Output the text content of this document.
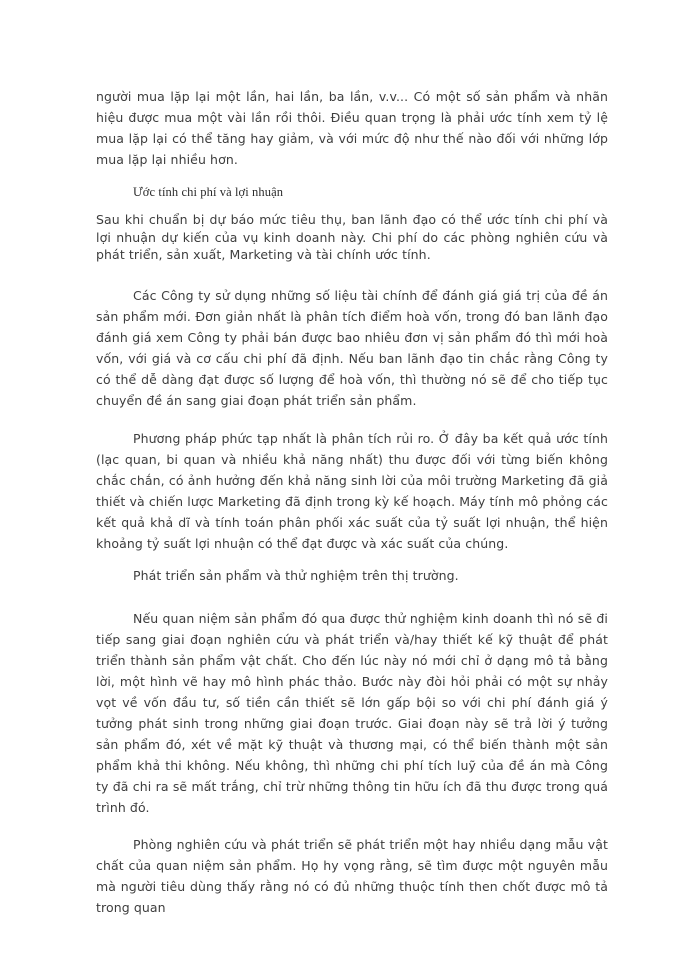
người mua lặp lại một lần, hai lần, ba lần, v.v... Có một số sản phẩm và nhãn hiệu được mua một vài lần rồi thôi. Điều quan trọng là phải ước tính xem tỷ lệ mua lặp lại có thể tăng hay giảm, và với mức độ như thế nào đối với những lớp mua lặp lại nhiều hơn.

Ước tính chi phí và lợi nhuận

Sau khi chuẩn bị dự báo mức tiêu thụ, ban lãnh đạo có thể ước tính chi phí và lợi nhuận dự kiến của vụ kinh doanh này. Chi phí do các phòng nghiên cứu và phát triển, sản xuất, Marketing và tài chính ước tính.

Các Công ty sử dụng những số liệu tài chính để đánh giá giá trị của đề án sản phẩm mới. Đơn giản nhất là phân tích điểm hoà vốn, trong đó ban lãnh đạo đánh giá xem Công ty phải bán được bao nhiêu đơn vị sản phẩm đó thì mới hoà vốn, với giá và cơ cấu chi phí đã định. Nếu ban lãnh đạo tin chắc rằng Công ty có thể dễ dàng đạt được số lượng để hoà vốn, thì thường nó sẽ để cho tiếp tục chuyển đề án sang giai đoạn phát triển sản phẩm.

Phương pháp phức tạp nhất là phân tích rủi ro. Ở đây ba kết quả ước tính (lạc quan, bi quan và nhiều khả năng nhất) thu được đối với từng biến không chắc chắn, có ảnh hưởng đến khả năng sinh lời của môi trường Marketing đã giả thiết và chiến lược Marketing đã định trong kỳ kế hoạch. Máy tính mô phỏng các kết quả khả dĩ và tính toán phân phối xác suất của tỷ suất lợi nhuận, thể hiện khoảng tỷ suất lợi nhuận có thể đạt được và xác suất của chúng.

Phát triển sản phẩm và thử nghiệm trên thị trường.

Nếu quan niệm sản phẩm đó qua được thử nghiệm kinh doanh thì nó sẽ đi tiếp sang giai đoạn nghiên cứu và phát triển và/hay thiết kế kỹ thuật để phát triển thành sản phẩm vật chất. Cho đến lúc này nó mới chỉ ở dạng mô tả bằng lời, một hình vẽ hay mô hình phác thảo. Bước này đòi hỏi phải có một sự nhảy vọt về vốn đầu tư, số tiền cần thiết sẽ lớn gấp bội so với chi phí đánh giá ý tưởng phát sinh trong những giai đoạn trước. Giai đoạn này sẽ trả lời ý tưởng sản phẩm đó, xét về mặt kỹ thuật và thương mại, có thể biến thành một sản phẩm khả thi không. Nếu không, thì những chi phí tích luỹ của đề án mà Công ty đã chi ra sẽ mất trắng, chỉ trừ những thông tin hữu ích đã thu được trong quá trình đó.

Phòng nghiên cứu và phát triển sẽ phát triển một hay nhiều dạng mẫu vật chất của quan niệm sản phẩm. Họ hy vọng rằng, sẽ tìm được một nguyên mẫu mà người tiêu dùng thấy rằng nó có đủ những thuộc tính then chốt được mô tả trong quan
